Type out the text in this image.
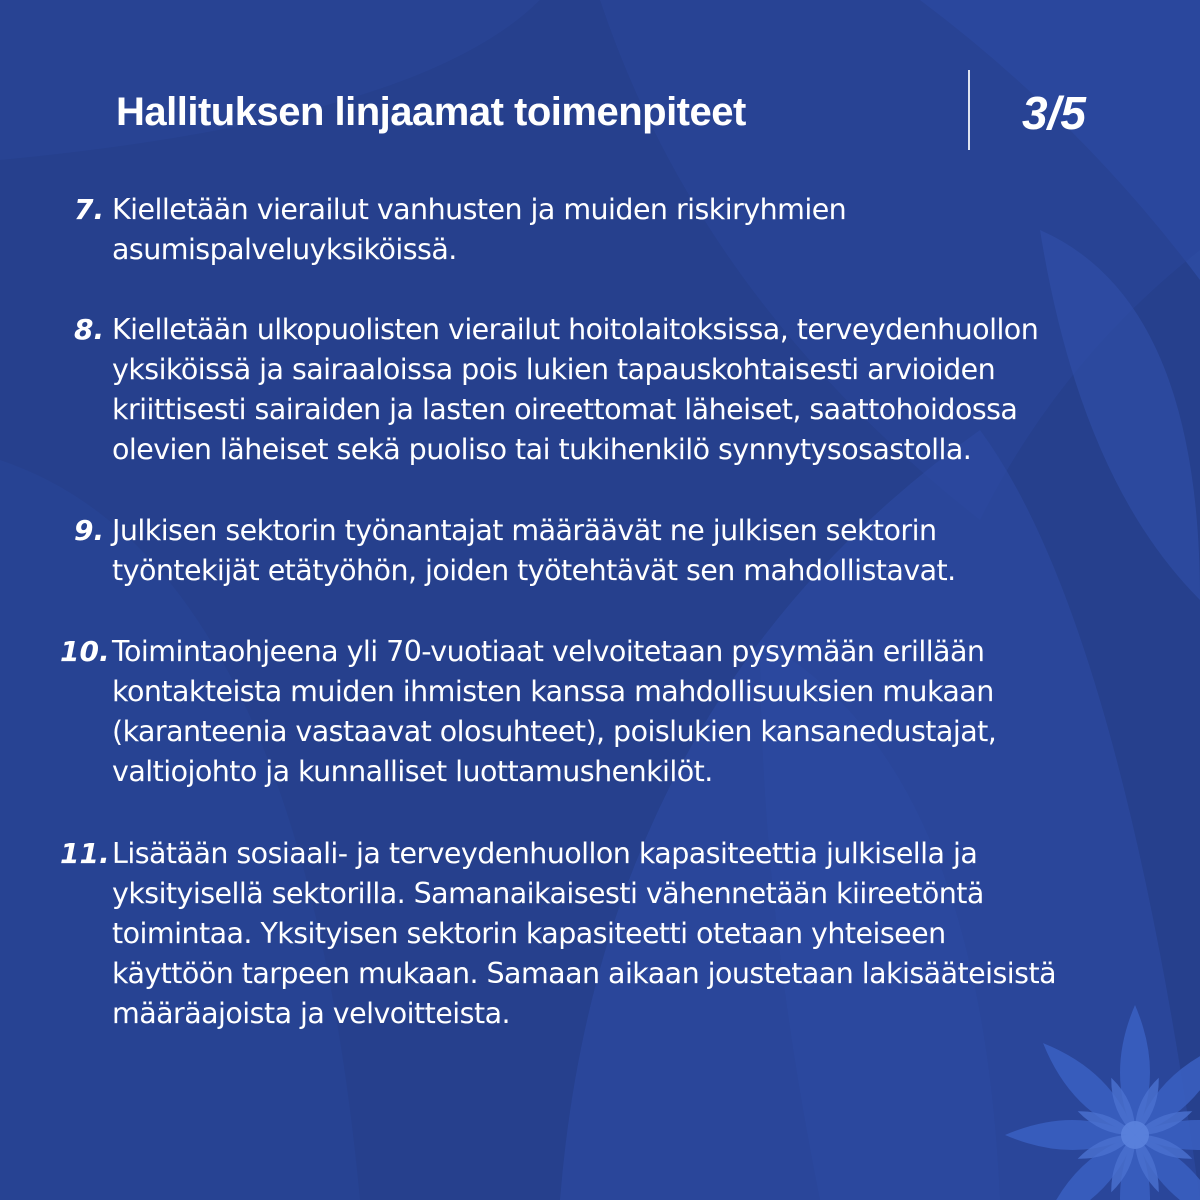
Hallituksen linjaamat toimenpiteet	3/5
7. Kielletään vierailut vanhusten ja muiden riskiryhmien
asumispalveluyksiköissä.

8. Kielletään ulkopuolisten vierailut hoitolaitoksissa, terveydenhuollon
yksiköissä ja sairaaloissa pois lukien tapauskohtaisesti arvioiden
kriittisesti sairaiden ja lasten oireettomat läheiset, saattohoidossa
olevien läheiset sekä puoliso tai tukihenkilö synnytysosastolla.

9. Julkisen sektorin työnantajat määräävät ne julkisen sektorin
työntekijät etätyöhön, joiden työtehtävät sen mahdollistavat.

10. Toimintaohjeena yli 70-vuotiaat velvoitetaan pysymään erillään
kontakteista muiden ihmisten kanssa mahdollisuuksien mukaan
(karanteenia vastaavat olosuhteet), poislukien kansanedustajat,
valtiojohto ja kunnalliset luottamushenkilöt.

11. Lisätään sosiaali- ja terveydenhuollon kapasiteettia julkisella ja
yksityisellä sektorilla. Samanaikaisesti vähennetään kiireetöntä
toimintaa. Yksityisen sektorin kapasiteetti otetaan yhteiseen
käyttöön tarpeen mukaan. Samaan aikaan joustetaan lakisääteisistä
määräajoista ja velvoitteista.
